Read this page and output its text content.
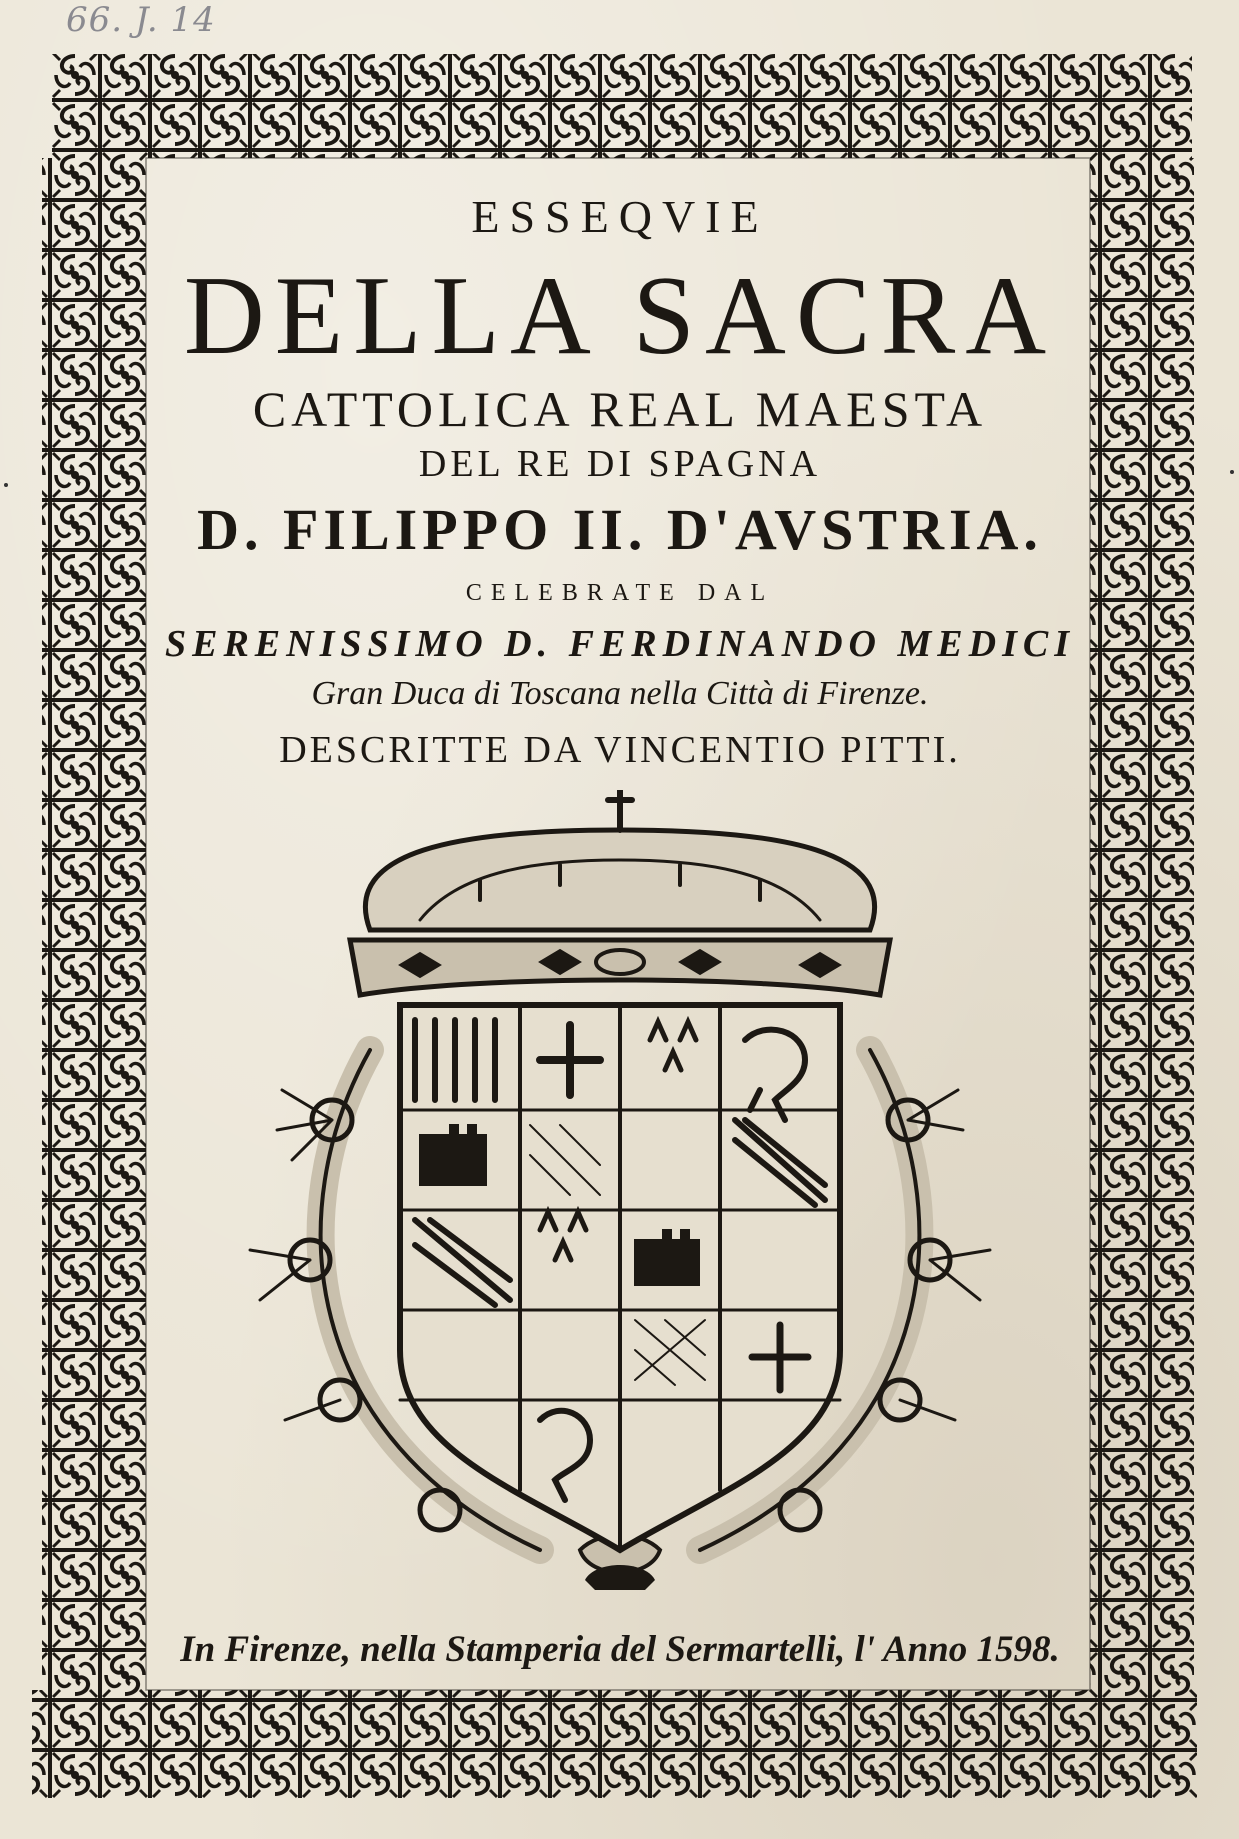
66. J. 14
ESSEQVIE
DELLA SACRA
CATTOLICA REAL MAESTA
DEL RE DI SPAGNA
D. FILIPPO II. D'AVSTRIA.
CELEBRATE DAL
SERENISSIMO D. FERDINANDO MEDICI
Gran Duca di Toscana nella Città di Firenze.
DESCRITTE DA VINCENTIO PITTI.
In Firenze, nella Stamperia del Sermartelli, l' Anno 1598.
